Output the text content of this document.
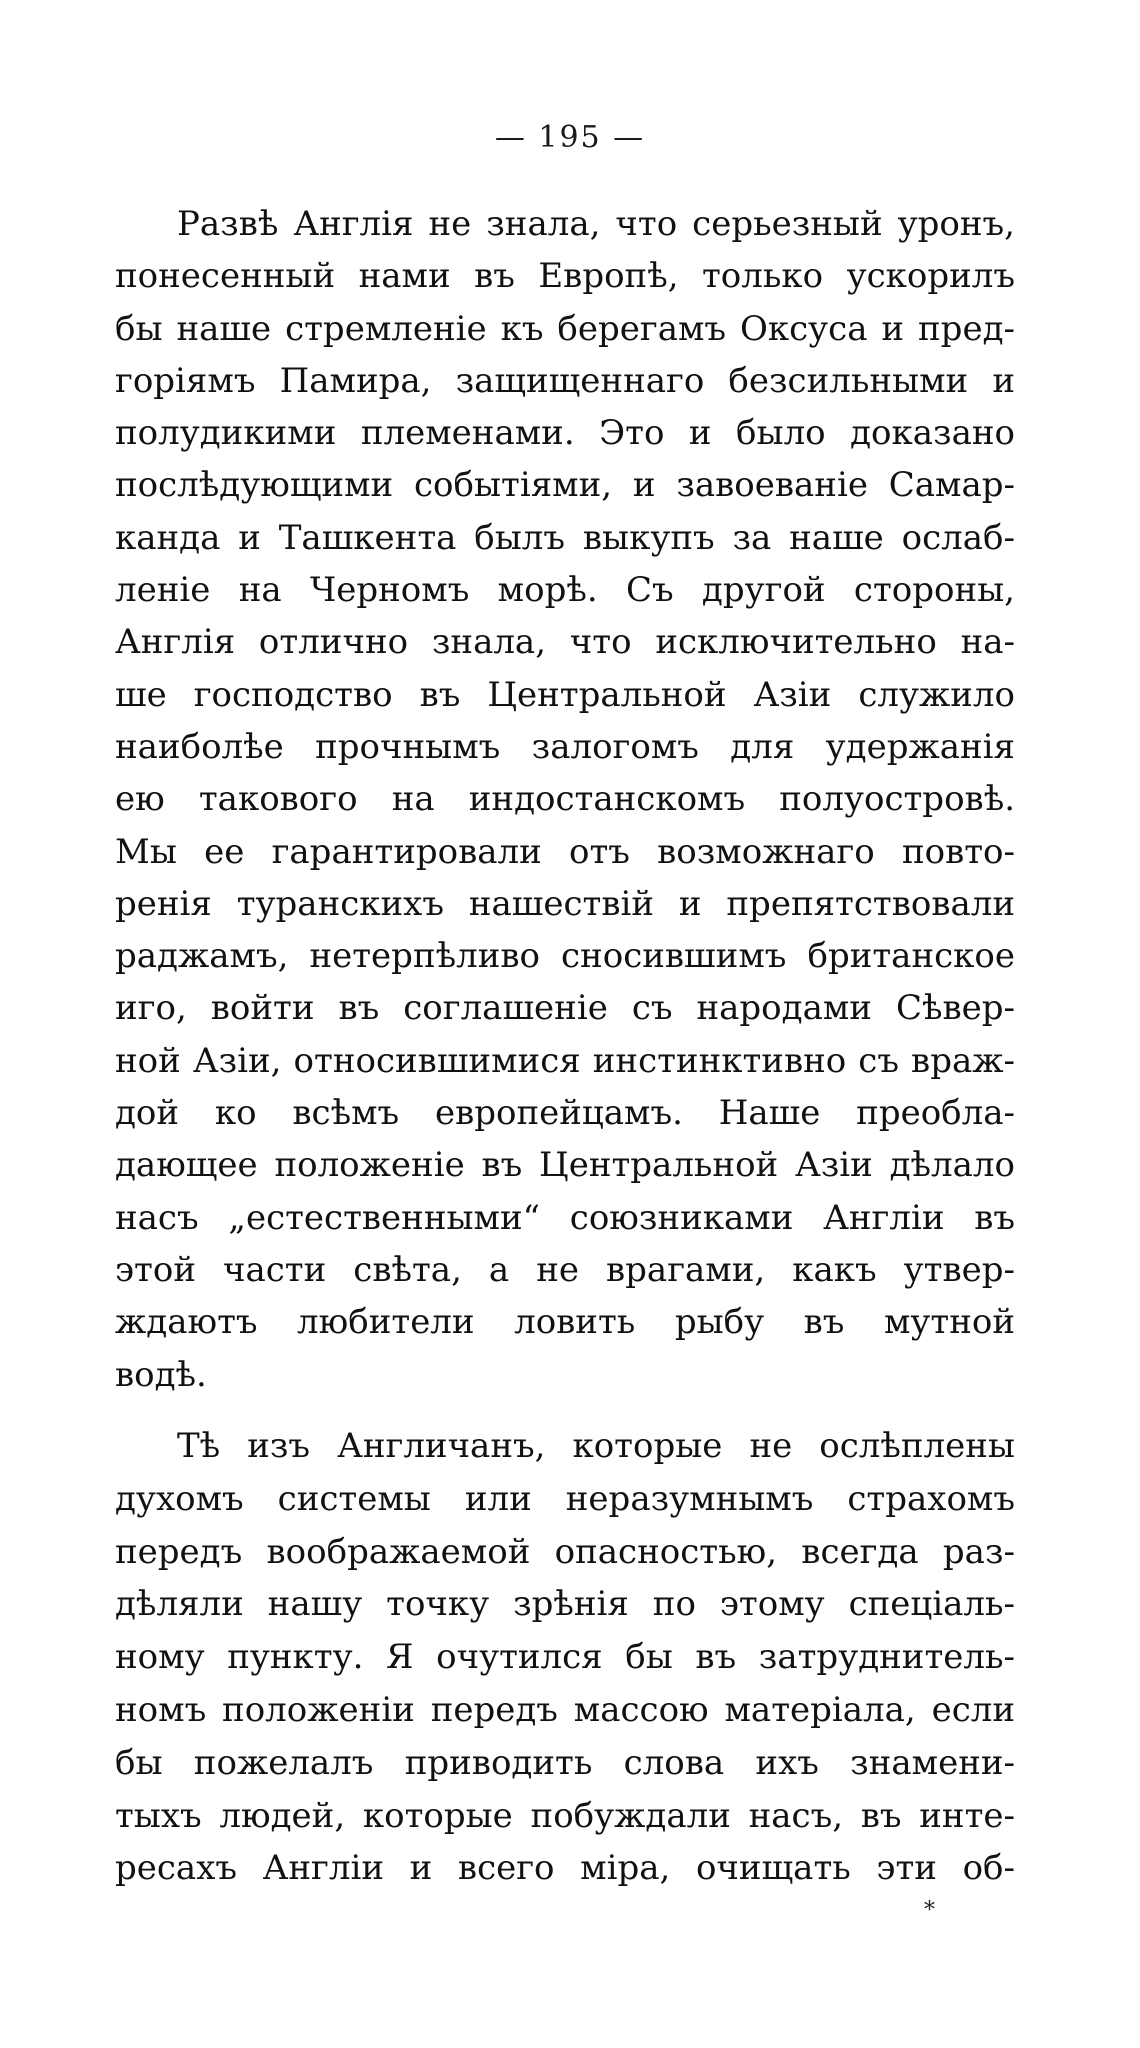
— 195 —
Развѣ Англія не знала, что серьезный уронъ,
понесенный нами въ Европѣ, только ускорилъ
бы наше стремленіе къ берегамъ Оксуса и пред-
горіямъ Памира, защищеннаго безсильными и
полудикими племенами. Это и было доказано
послѣдующими событіями, и завоеваніе Самар-
канда и Ташкента былъ выкупъ за наше ослаб-
леніе на Черномъ морѣ. Съ другой стороны,
Англія отлично знала, что исключительно на-
ше господство въ Центральной Азіи служило
наиболѣе прочнымъ залогомъ для удержанія
ею такового на индостанскомъ полуостровѣ.
Мы ее гарантировали отъ возможнаго повто-
ренія туранскихъ нашествій и препятствовали
раджамъ, нетерпѣливо сносившимъ британское
иго, войти въ соглашеніе съ народами Сѣвер-
ной Азіи, относившимися инстинктивно съ враж-
дой ко всѣмъ европейцамъ. Наше преобла-
дающее положеніе въ Центральной Азіи дѣлало
насъ „естественными“ союзниками Англіи въ
этой части свѣта, а не врагами, какъ утвер-
ждаютъ любители ловить рыбу въ мутной
водѣ.
Тѣ изъ Англичанъ, которые не ослѣплены
духомъ системы или неразумнымъ страхомъ
передъ воображаемой опасностью, всегда раз-
дѣляли нашу точку зрѣнія по этому спеціаль-
ному пункту. Я очутился бы въ затруднитель-
номъ положеніи передъ массою матеріала, если
бы пожелалъ приводить слова ихъ знамени-
тыхъ людей, которые побуждали насъ, въ инте-
ресахъ Англіи и всего міра, очищать эти об-
*
